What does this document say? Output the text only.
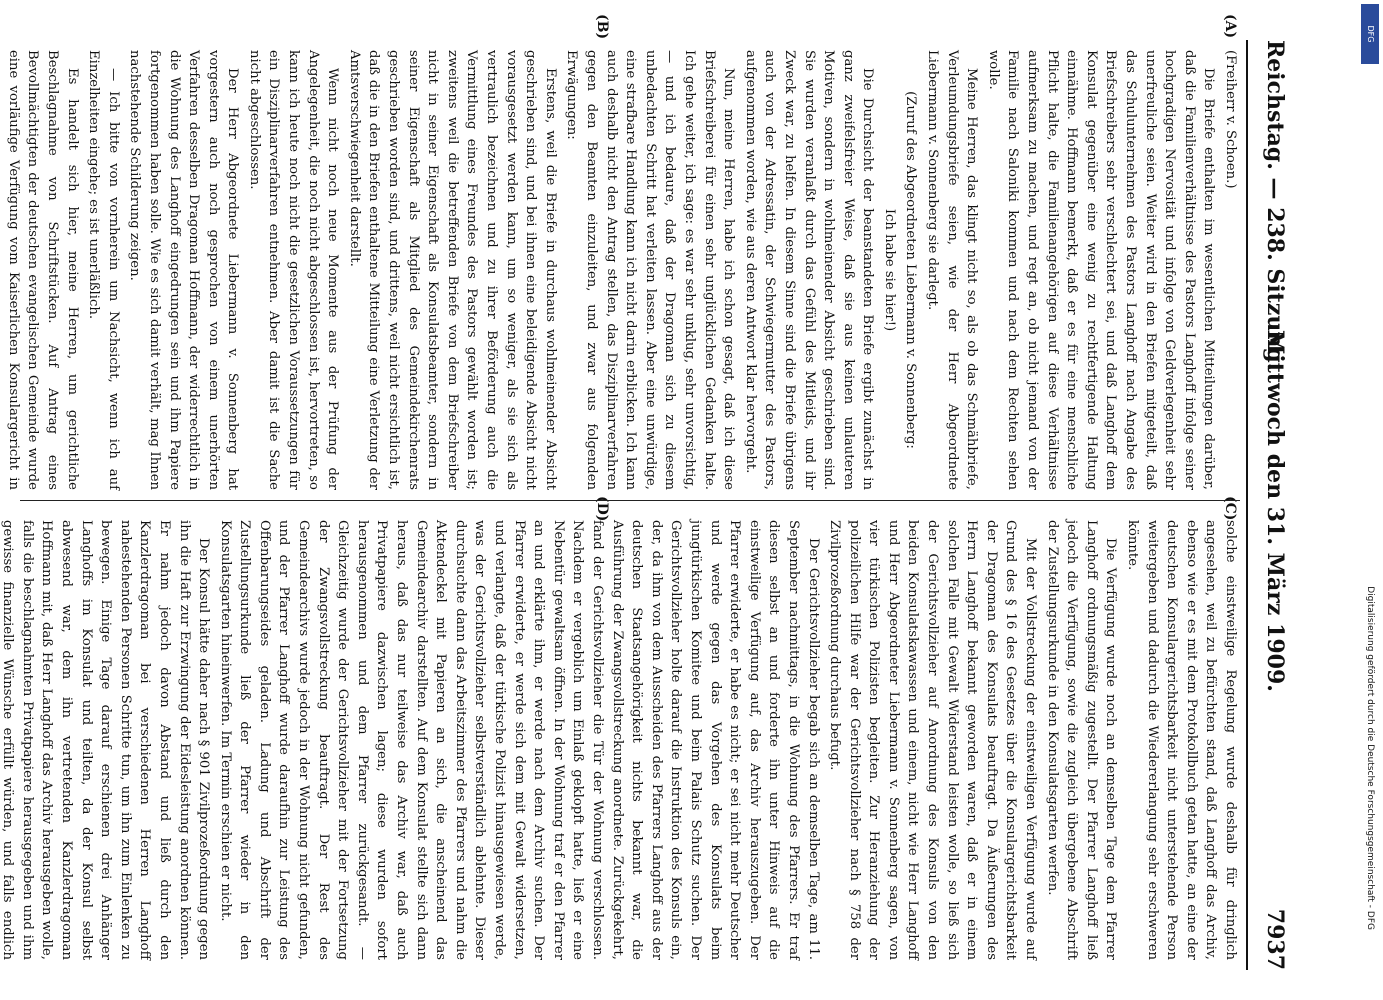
Reichstag. — 238. Sitzung.
Mittwoch den 31. März 1909.
7937
(A)
(B)
(C)
(D)

(Freiherr v. Schoen.)

Die Briefe enthalten im wesentlichen Mitteilungen darüber, daß die Familienverhältnisse des Pastors Langhoff infolge seiner hochgradigen Nervosität und infolge von Geldverlegenheit sehr unerfreuliche seien. Weiter wird in den Briefen mitgeteilt, daß das Schulunternehmen des Pastors Langhoff nach Angabe des Briefschreibers sehr verschlechtert sei, und daß Langhoff dem Konsulat gegenüber eine wenig zu rechtfertigende Haltung einnähme. Hoffmann bemerkt, daß er es für eine menschliche Pflicht halte, die Familienangehörigen auf diese Verhältnisse aufmerksam zu machen, und regt an, ob nicht jemand von der Familie nach Saloniki kommen und nach dem Rechten sehen wolle.

Meine Herren, das klingt nicht so, als ob das Schmähbriefe, Verleumdungsbriefe seien, wie der Herr Abgeordnete Liebermann v. Sonnenberg sie darlegt.

(Zuruf des Abgeordneten Liebermann v. Sonnenberg:

Ich habe sie hier!)

Die Durchsicht der beanstandeten Briefe ergibt zunächst in ganz zweifelsfreier Weise, daß sie aus keinen unlauteren Motiven, sondern in wohlmeinender Absicht geschrieben sind. Sie wurden veranlaßt durch das Gefühl des Mitleids, und ihr Zweck war, zu helfen. In diesem Sinne sind die Briefe übrigens auch von der Adressatin, der Schwiegermutter des Pastors, aufgenommen worden, wie aus deren Antwort klar hervorgeht.

Nun, meine Herren, habe ich schon gesagt, daß ich diese Briefschreiberei für einen sehr unglücklichen Gedanken halte. Ich gehe weiter, ich sage: es war sehr unklug, sehr unvorsichtig, — und ich bedaure, daß der Dragoman sich zu diesem unbedachten Schritt hat verleiten lassen. Aber eine unwürdige, eine strafbare Handlung kann ich nicht darin erblicken. Ich kann auch deshalb nicht den Antrag stellen, das Disziplinarverfahren gegen den Beamten einzuleiten, und zwar aus folgenden Erwägungen:

Erstens, weil die Briefe in durchaus wohlmeinender Absicht geschrieben sind, und bei ihnen eine beleidigende Absicht nicht vorausgesetzt werden kann, um so weniger, als sie sich als vertraulich bezeichnen und zu ihrer Beförderung auch die Vermittlung eines Freundes des Pastors gewählt worden ist; zweitens weil die betreffenden Briefe von dem Briefschreiber nicht in seiner Eigenschaft als Konsulatsbeamter, sondern in seiner Eigenschaft als Mitglied des Gemeindekirchenrats geschrieben worden sind, und drittens, weil nicht ersichtlich ist, daß die in den Briefen enthaltene Mitteilung eine Verletzung der Amtsverschwiegenheit darstellt.

Wenn nicht noch neue Momente aus der Prüfung der Angelegenheit, die noch nicht abgeschlossen ist, hervortreten, so kann ich heute noch nicht die gesetzlichen Voraussetzungen für ein Disziplinarverfahren entnehmen. Aber damit ist die Sache nicht abgeschlossen.

Der Herr Abgeordnete Liebermann v. Sonnenberg hat vorgestern auch noch gesprochen von einem unerhörten Verfahren desselben Dragoman Hoffmann, der widerrechtlich in die Wohnung des Langhoff eingedrungen sein und ihm Papiere fortgenommen haben solle. Wie es sich damit verhält, mag Ihnen nachstehende Schilderung zeigen.

— Ich bitte von vornherein um Nachsicht, wenn ich auf Einzelheiten eingehe; es ist unerläßlich.

Es handelt sich hier, meine Herren, um gerichtliche Beschlagnahme von Schriftstücken. Auf Antrag eines Bevollmächtigten der deutschen evangelischen Gemeinde wurde eine vorläufige Verfügung vom Kaiserlichen Konsulargericht in

solche einstweilige Regelung wurde deshalb für dringlich angesehen, weil zu befürchten stand, daß Langhoff das Archiv, ebenso wie er es mit dem Protokollbuch getan hatte, an eine der deutschen Konsulargerichtsbarkeit nicht unterstehende Person weitergeben und dadurch die Wiedererlangung sehr erschweren könnte.

Die Verfügung wurde noch an demselben Tage dem Pfarrer Langhoff ordnungsmäßig zugestellt. Der Pfarrer Langhoff ließ jedoch die Verfügung, sowie die zugleich übergebene Abschrift der Zustellungsurkunde in den Konsulatsgarten werfen.

Mit der Vollstreckung der einstweiligen Verfügung wurde auf Grund des § 16 des Gesetzes über die Konsulargerichtsbarkeit der Dragoman des Konsulats beauftragt. Da Äußerungen des Herrn Langhoff bekannt geworden waren, daß er in einem solchen Falle mit Gewalt Widerstand leisten wolle, so ließ sich der Gerichtsvollzieher auf Anordnung des Konsuls von den beiden Konsulatskawassen und einem, nicht wie Herr Langhoff und Herr Abgeordneter Liebermann v. Sonnenberg sagen, von vier türkischen Polizisten begleiten. Zur Heranziehung der polizeilichen Hilfe war der Gerichtsvollzieher nach § 758 der Zivilprozeßordnung durchaus befugt.

Der Gerichtsvollzieher begab sich an demselben Tage, am 11. September nachmittags, in die Wohnung des Pfarrers. Er traf diesen selbst an und forderte ihn unter Hinweis auf die einstweilige Verfügung auf, das Archiv herauszugeben. Der Pfarrer erwiderte, er habe es nicht; er sei nicht mehr Deutscher und werde gegen das Vorgehen des Konsulats beim jungtürkischen Komitee und beim Palais Schutz suchen. Der Gerichtsvollzieher holte darauf die Instruktion des Konsuls ein, der, da ihm von dem Ausscheiden des Pfarrers Langhoff aus der deutschen Staatsangehörigkeit nichts bekannt war, die Ausführung der Zwangsvollstreckung anordnete. Zurückgekehrt, fand der Gerichtsvollzieher die Tür der Wohnung verschlossen. Nachdem er vergeblich um Einlaß geklopft hatte, ließ er eine Nebentür gewaltsam öffnen. In der Wohnung traf er den Pfarrer an und erklärte ihm, er werde nach dem Archiv suchen. Der Pfarrer erwiderte, er werde sich dem mit Gewalt widersetzen, und verlangte, daß der türkische Polizist hinausgewiesen werde, was der Gerichtsvollzieher selbstverständlich ablehnte. Dieser durchsuchte dann das Arbeitszimmer des Pfarrers und nahm die Aktendeckel mit Papieren an sich, die anscheinend das Gemeindearchiv darstellten. Auf dem Konsulat stellte sich dann heraus, daß das nur teilweise das Archiv war, daß auch Privatpapiere dazwischen lagen; diese wurden sofort herausgenommen und dem Pfarrer zurückgesandt. — Gleichzeitig wurde der Gerichtsvollzieher mit der Fortsetzung der Zwangsvollstreckung beauftragt. Der Rest des Gemeindearchivs wurde jedoch in der Wohnung nicht gefunden, und der Pfarrer Langhoff wurde daraufhin zur Leistung des Offenbarungseides geladen. Ladung und Abschrift der Zustellungsurkunde ließ der Pfarrer wieder in den Konsulatsgarten hineinwerfen. Im Termin erschien er nicht.

Der Konsul hätte daher nach § 901 Zivilprozeßordnung gegen ihn die Haft zur Erzwingung der Eidesleistung anordnen können. Er nahm jedoch davon Abstand und ließ durch den Kanzlerdragoman bei verschiedenen Herren Langhoff nahestehenden Personen Schritte tun, um ihn zum Einlenken zu bewegen. Einige Tage darauf erschienen drei Anhänger Langhoffs im Konsulat und teilten, da der Konsul selbst abwesend war, dem ihn vertretenden Kanzlerdragoman Hoffmann mit, daß Herr Langhoff das Archiv herausgeben wolle, falls die beschlagnahmten Privatpapiere herausgegeben und ihm gewisse finanzielle Wünsche erfüllt würden, und falls endlich

DFG
Digitalisierung gefördert durch die Deutsche Forschungsgemeinschaft - DFG
